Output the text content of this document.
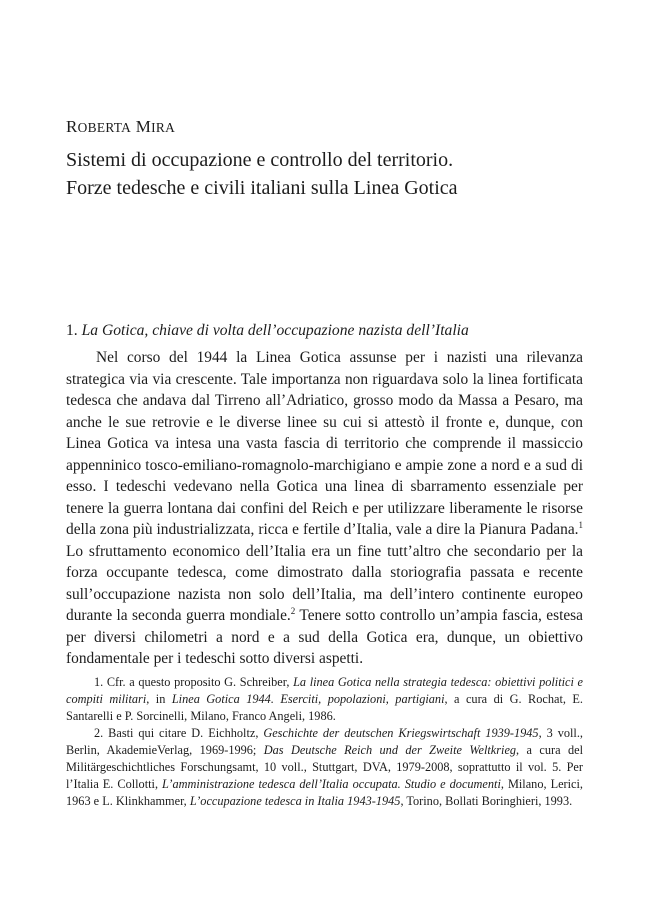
ROBERTA MIRA
Sistemi di occupazione e controllo del territorio.
Forze tedesche e civili italiani sulla Linea Gotica
1. La Gotica, chiave di volta dell’occupazione nazista dell’Italia

Nel corso del 1944 la Linea Gotica assunse per i nazisti una rilevanza strategica via via crescente. Tale importanza non riguardava solo la linea fortificata tedesca che andava dal Tirreno all’Adriatico, grosso modo da Massa a Pesaro, ma anche le sue retrovie e le diverse linee su cui si attestò il fronte e, dunque, con Linea Gotica va intesa una vasta fascia di territorio che comprende il massiccio appenninico tosco-emiliano-romagnolo-marchigiano e ampie zone a nord e a sud di esso. I tedeschi vedevano nella Gotica una linea di sbarramento essenziale per tenere la guerra lontana dai confini del Reich e per utilizzare liberamente le risorse della zona più industrializzata, ricca e fertile d’Italia, vale a dire la Pianura Padana.$^1$ Lo sfruttamento economico dell’Italia era un fine tutt’altro che secondario per la forza occupante tedesca, come dimostrato dalla storiografia passata e recente sull’occupazione nazista non solo dell’Italia, ma dell’intero continente europeo durante la seconda guerra mondiale.$^2$ Tenere sotto controllo un’ampia fascia, estesa per diversi chilometri a nord e a sud della Gotica era, dunque, un obiettivo fondamentale per i tedeschi sotto diversi aspetti.

1. Cfr. a questo proposito G. Schreiber, La linea Gotica nella strategia tedesca: obiettivi politici e compiti militari, in Linea Gotica 1944. Eserciti, popolazioni, partigiani, a cura di G. Rochat, E. Santarelli e P. Sorcinelli, Milano, Franco Angeli, 1986.

2. Basti qui citare D. Eichholtz, Geschichte der deutschen Kriegswirtschaft 1939-1945, 3 voll., Berlin, AkademieVerlag, 1969-1996; Das Deutsche Reich und der Zweite Weltkrieg, a cura del Militärgeschichtliches Forschungsamt, 10 voll., Stuttgart, DVA, 1979-2008, soprattutto il vol. 5. Per l’Italia E. Collotti, L’amministrazione tedesca dell’Italia occupata. Studio e documenti, Milano, Lerici, 1963 e L. Klinkhammer, L’occupazione tedesca in Italia 1943-1945, Torino, Bollati Boringhieri, 1993.
